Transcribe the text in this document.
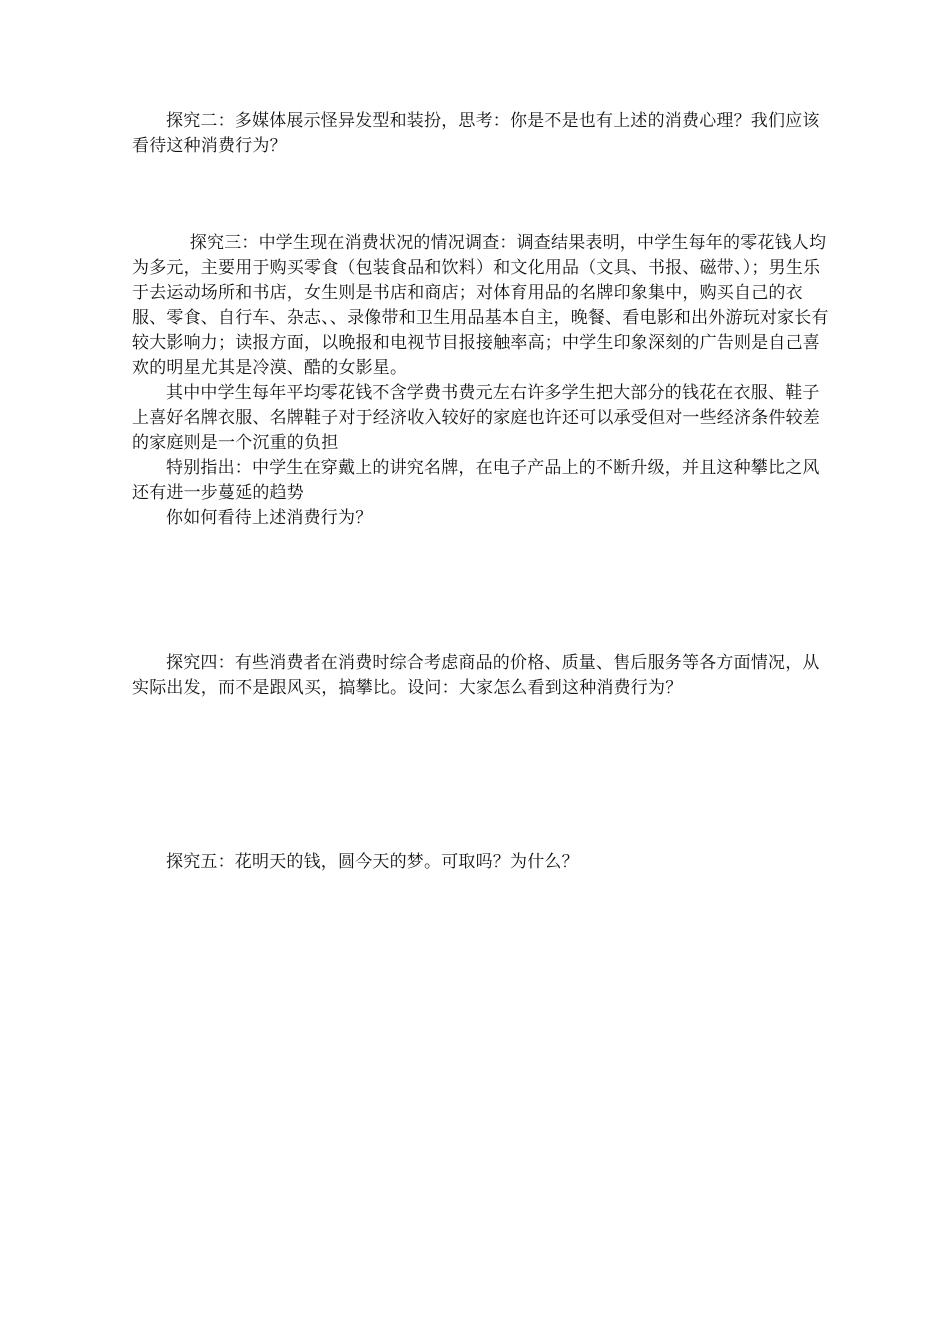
探究二：多媒体展示怪异发型和装扮，思考：你是不是也有上述的消费心理？我们应该看待这种消费行为？

探究三：中学生现在消费状况的情况调查：调查结果表明，中学生每年的零花钱人均为多元，主要用于购买零食（包装食品和饮料）和文化用品（文具、书报、磁带、）；男生乐于去运动场所和书店，女生则是书店和商店；对体育用品的名牌印象集中，购买自己的衣服、零食、自行车、杂志、、录像带和卫生用品基本自主，晚餐、看电影和出外游玩对家长有较大影响力；读报方面，以晚报和电视节目报接触率高；中学生印象深刻的广告则是自己喜欢的明星尤其是冷漠、酷的女影星。

其中中学生每年平均零花钱不含学费书费元左右许多学生把大部分的钱花在衣服、鞋子上喜好名牌衣服、名牌鞋子对于经济收入较好的家庭也许还可以承受但对一些经济条件较差的家庭则是一个沉重的负担

特别指出：中学生在穿戴上的讲究名牌，在电子产品上的不断升级，并且这种攀比之风还有进一步蔓延的趋势

你如何看待上述消费行为？

探究四：有些消费者在消费时综合考虑商品的价格、质量、售后服务等各方面情况，从实际出发，而不是跟风买，搞攀比。设问：大家怎么看到这种消费行为？

探究五：花明天的钱，圆今天的梦。可取吗？为什么？
